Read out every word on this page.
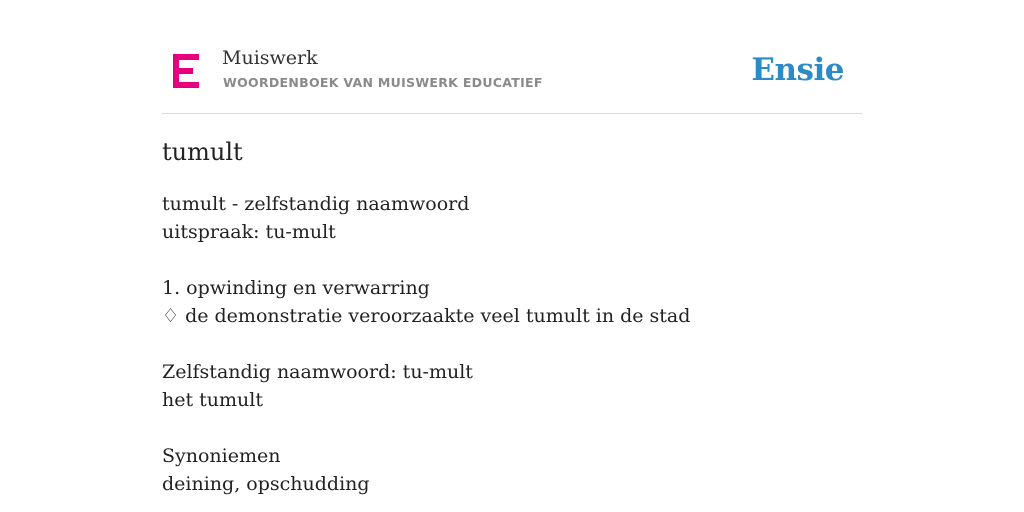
Muiswerk
WOORDENBOEK VAN MUISWERK EDUCATIEF	Ensie
tumult
tumult - zelfstandig naamwoord
uitspraak: tu-mult
1. opwinding en verwarring
♢ de demonstratie veroorzaakte veel tumult in de stad
Zelfstandig naamwoord: tu-mult
het tumult
Synoniemen
deining, opschudding
